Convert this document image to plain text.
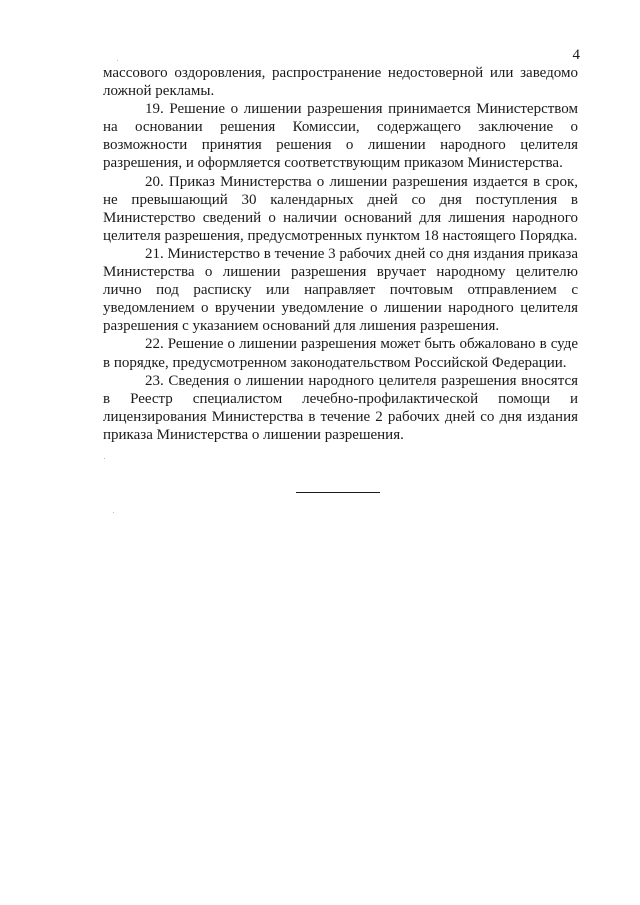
4

массового оздоровления, распространение недостоверной или заведомо ложной рекламы.

19. Решение о лишении разрешения принимается Министерством на основании решения Комиссии, содержащего заключение о возможности принятия решения о лишении народного целителя разрешения, и оформляется соответствующим приказом Министерства.

20. Приказ Министерства о лишении разрешения издается в срок, не превышающий 30 календарных дней со дня поступления в Министерство сведений о наличии оснований для лишения народного целителя разрешения, предусмотренных пунктом 18 настоящего Порядка.

21. Министерство в течение 3 рабочих дней со дня издания приказа Министерства о лишении разрешения вручает народному целителю лично под расписку или направляет почтовым отправлением с уведомлением о вручении уведомление о лишении народного целителя разрешения с указанием оснований для лишения разрешения.

22. Решение о лишении разрешения может быть обжаловано в суде в порядке, предусмотренном законодательством Российской Федерации.

23. Сведения о лишении народного целителя разрешения вносятся в Реестр специалистом лечебно-профилактической помощи и лицензирования Министерства в течение 2 рабочих дней со дня издания приказа Министерства о лишении разрешения.
